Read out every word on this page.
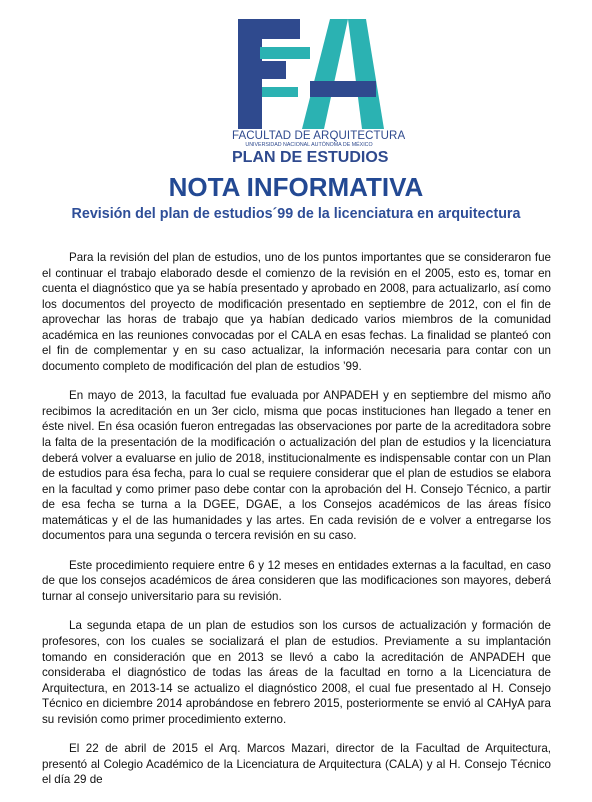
FACULTAD DE ARQUITECTURA
UNIVERSIDAD NACIONAL AUTÓNOMA DE MÉXICO
PLAN DE ESTUDIOS
NOTA INFORMATIVA
Revisión del plan de estudios´99 de la licenciatura en arquitectura

Para la revisión del plan de estudios, uno de los puntos importantes que se consideraron fue el continuar el trabajo elaborado desde el comienzo de la revisión en el 2005, esto es, tomar en cuenta el diagnóstico que ya se había presentado y aprobado en 2008, para actualizarlo, así como los documentos del proyecto de modificación presentado en septiembre de 2012, con el fin de aprovechar las horas de trabajo que ya habían dedicado varios miembros de la comunidad académica en las reuniones convocadas por el CALA en esas fechas. La finalidad se planteó con el fin de complementar y en su caso actualizar, la información necesaria para contar con un documento completo de modificación del plan de estudios ’99.

En mayo de 2013, la facultad fue evaluada por ANPADEH y en septiembre del mismo año recibimos la acreditación en un 3er ciclo, misma que pocas instituciones han llegado a tener en éste nivel. En ésa ocasión fueron entregadas las observaciones por parte de la acreditadora sobre la falta de la presentación de la modificación o actualización del plan de estudios y la licenciatura deberá volver a evaluarse en julio de 2018, institucionalmente es indispensable contar con un Plan de estudios para ésa fecha, para lo cual se requiere considerar que el plan de estudios se elabora en la facultad y como primer paso debe contar con la aprobación del H. Consejo Técnico, a partir de esa fecha se turna a la DGEE, DGAE, a los Consejos académicos de las áreas físico matemáticas y el de las humanidades y las artes. En cada revisión de e volver a entregarse los documentos para una segunda o tercera revisión en su caso.

Este procedimiento requiere entre 6 y 12 meses en entidades externas a la facultad, en caso de que los consejos académicos de área consideren que las modificaciones son mayores, deberá turnar al consejo universitario para su revisión.

La segunda etapa de un plan de estudios son los cursos de actualización y formación de profesores, con los cuales se socializará el plan de estudios. Previamente a su implantación tomando en consideración que en 2013 se llevó a cabo la acreditación de ANPADEH que consideraba el diagnóstico de todas las áreas de la facultad en torno a la Licenciatura de Arquitectura, en 2013-14 se actualizo el diagnóstico 2008, el cual fue presentado al H. Consejo Técnico en diciembre 2014 aprobándose en febrero 2015, posteriormente se envió al CAHyA para su revisión como primer procedimiento externo.

El 22 de abril de 2015 el Arq. Marcos Mazari, director de la Facultad de Arquitectura, presentó al Colegio Académico de la Licenciatura de Arquitectura (CALA) y al H. Consejo Técnico el día 29 de
